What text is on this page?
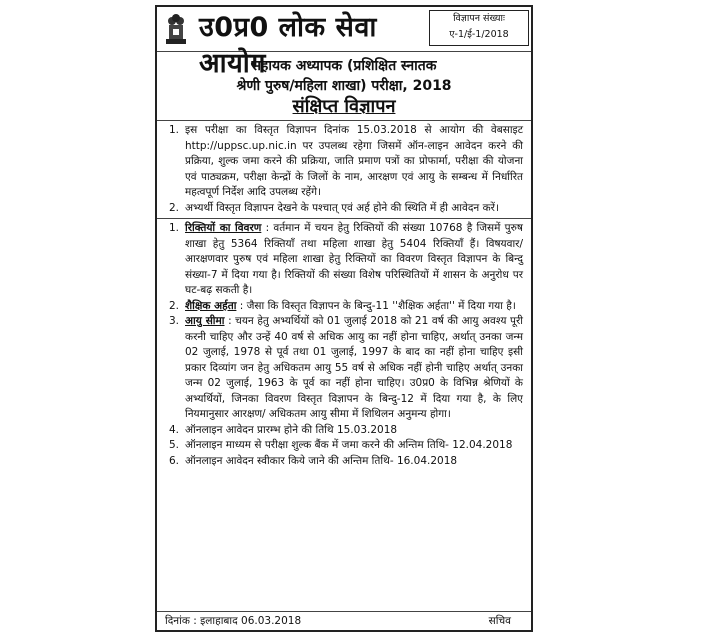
उ0प्र0 लोक सेवा आयोग
विज्ञापन संख्याः
ए-1/ई-1/2018
सहायक अध्यापक (प्रशिक्षित स्नातक
श्रेणी पुरुष/महिला शाखा) परीक्षा, 2018
संक्षिप्त विज्ञापन
1. इस परीक्षा का विस्तृत विज्ञापन दिनांक 15.03.2018 से आयोग की वेबसाइट http://uppsc.up.nic.in पर उपलब्ध रहेगा जिसमें ऑन-लाइन आवेदन करने की प्रक्रिया, शुल्क जमा करने की प्रक्रिया, जाति प्रमाण पत्रों का प्रोफार्मा, परीक्षा की योजना एवं पाठ्यक्रम, परीक्षा केन्द्रों के जिलों के नाम, आरक्षण एवं आयु के सम्बन्ध में निर्धारित महत्वपूर्ण निर्देश आदि उपलब्ध रहेंगे।
2. अभ्यर्थी विस्तृत विज्ञापन देखने के पश्चात् एवं अर्ह होने की स्थिति में ही आवेदन करें।
1. रिक्तियों का विवरण : वर्तमान में चयन हेतु रिक्तियों की संख्या 10768 है जिसमें पुरुष शाखा हेतु 5364 रिक्तियाँ तथा महिला शाखा हेतु 5404 रिक्तियाँ हैं। विषयवार/आरक्षणवार पुरुष एवं महिला शाखा हेतु रिक्तियों का विवरण विस्तृत विज्ञापन के बिन्दु संख्या-7 में दिया गया है। रिक्तियों की संख्या विशेष परिस्थितियों में शासन के अनुरोध पर घट-बढ़ सकती है।
2. शैक्षिक अर्हता : जैसा कि विस्तृत विज्ञापन के बिन्दु-11 ''शैक्षिक अर्हता'' में दिया गया है।
3. आयु सीमा : चयन हेतु अभ्यर्थियों को 01 जुलाई 2018 को 21 वर्ष की आयु अवश्य पूरी करनी चाहिए और उन्हें 40 वर्ष से अधिक आयु का नहीं होना चाहिए, अर्थात् उनका जन्म 02 जुलाई, 1978 से पूर्व तथा 01 जुलाई, 1997 के बाद का नहीं होना चाहिए इसी प्रकार दिव्यांग जन हेतु अधिकतम आयु 55 वर्ष से अधिक नहीं होनी चाहिए अर्थात् उनका जन्म 02 जुलाई, 1963 के पूर्व का नहीं होना चाहिए। उ0प्र0 के विभिन्न श्रेणियों के अभ्यर्थियों, जिनका विवरण विस्तृत विज्ञापन के बिन्दु-12 में दिया गया है, के लिए नियमानुसार आरक्षण/ अधिकतम आयु सीमा में शिथिलन अनुमन्य होगा।
4. ऑनलाइन आवेदन प्रारम्भ होने की तिथि 15.03.2018
5. ऑनलाइन माध्यम से परीक्षा शुल्क बैंक में जमा करने की अन्तिम तिथि- 12.04.2018
6. ऑनलाइन आवेदन स्वीकार किये जाने की अन्तिम तिथि- 16.04.2018
दिनांक : इलाहाबाद 06.03.2018	सचिव
